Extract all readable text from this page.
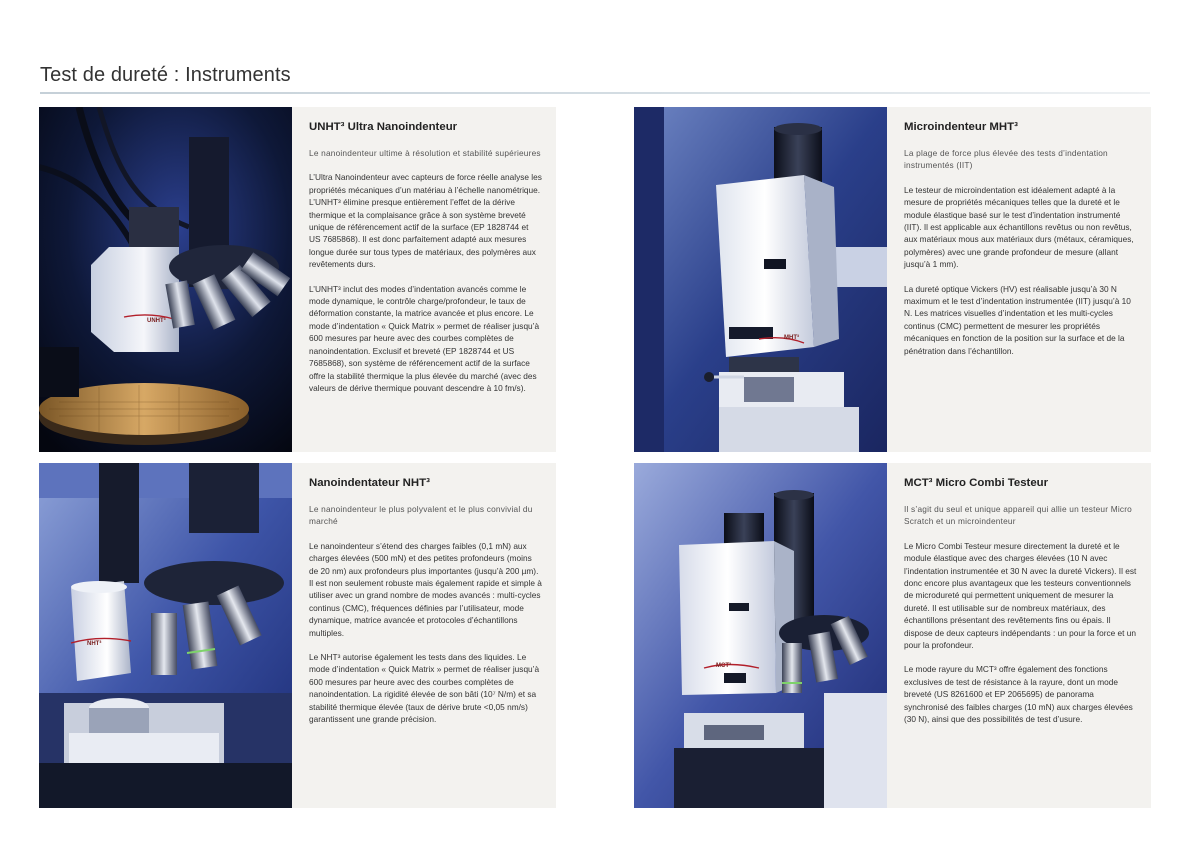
Test de dureté : Instruments
UNHT³
UNHT³ Ultra Nanoindenteur

Le nanoindenteur ultime à résolution et stabilité supérieures

L’Ultra Nanoindenteur avec capteurs de force réelle analyse les propriétés mécaniques d’un matériau à l’échelle nanométrique. L’UNHT³ élimine presque entièrement l’effet de la dérive thermique et la complaisance grâce à son système breveté unique de référencement actif de la surface (EP 1828744 et US 7685868). Il est donc parfaitement adapté aux mesures longue durée sur tous types de matériaux, des polymères aux revêtements durs.

L’UNHT³ inclut des modes d’indentation avancés comme le mode dynamique, le contrôle charge/profondeur, le taux de déformation constante, la matrice avancée et plus encore. Le mode d’indentation « Quick Matrix » permet de réaliser jusqu’à 600 mesures par heure avec des courbes complètes de nanoindentation. Exclusif et breveté (EP 1828744 et US 7685868), son système de référencement actif de la surface offre la stabilité thermique la plus élevée du marché (avec des valeurs de dérive thermique pouvant descendre à 10 fm/s).

MHT³
Microindenteur MHT³

La plage de force plus élevée des tests d’indentation instrumentés (IIT)

Le testeur de microindentation est idéalement adapté à la mesure de propriétés mécaniques telles que la dureté et le module élastique basé sur le test d’indentation instrumenté (IIT). Il est applicable aux échantillons revêtus ou non revêtus, aux matériaux mous aux matériaux durs (métaux, céramiques, polymères) avec une grande profondeur de mesure (allant jusqu’à 1 mm).

La dureté optique Vickers (HV) est réalisable jusqu’à 30 N maximum et le test d’indentation instrumentée (IIT) jusqu’à 10 N. Les matrices visuelles d’indentation et les multi-cycles continus (CMC) permettent de mesurer les propriétés mécaniques en fonction de la position sur la surface et de la pénétration dans l’échantillon.

NHT³
Nanoindentateur NHT³

Le nanoindenteur le plus polyvalent et le plus convivial du marché

Le nanoindenteur s’étend des charges faibles (0,1 mN) aux charges élevées (500 mN) et des petites profondeurs (moins de 20 nm) aux profondeurs plus importantes (jusqu’à 200 µm). Il est non seulement robuste mais également rapide et simple à utiliser avec un grand nombre de modes avancés : multi-cycles continus (CMC), fréquences définies par l’utilisateur, mode dynamique, matrice avancée et protocoles d’échantillons multiples.

Le NHT³ autorise également les tests dans des liquides. Le mode d’indentation « Quick Matrix » permet de réaliser jusqu’à 600 mesures par heure avec des courbes complètes de nanoindentation. La rigidité élevée de son bâti (10⁷ N/m) et sa stabilité thermique élevée (taux de dérive brute <0,05 nm/s) garantissent une grande précision.

MCT³
MCT³ Micro Combi Testeur

Il s’agit du seul et unique appareil qui allie un testeur Micro Scratch et un microindenteur

Le Micro Combi Testeur mesure directement la dureté et le module élastique avec des charges élevées (10 N avec l’indentation instrumentée et 30 N avec la dureté Vickers). Il est donc encore plus avantageux que les testeurs conventionnels de microdureté qui permettent uniquement de mesurer la dureté. Il est utilisable sur de nombreux matériaux, des échantillons présentant des revêtements fins ou épais. Il dispose de deux capteurs indépendants : un pour la force et un pour la profondeur.

Le mode rayure du MCT³ offre également des fonctions exclusives de test de résistance à la rayure, dont un mode breveté (US 8261600 et EP 2065695) de panorama synchronisé des faibles charges (10 mN) aux charges élevées (30 N), ainsi que des possibilités de test d’usure.
